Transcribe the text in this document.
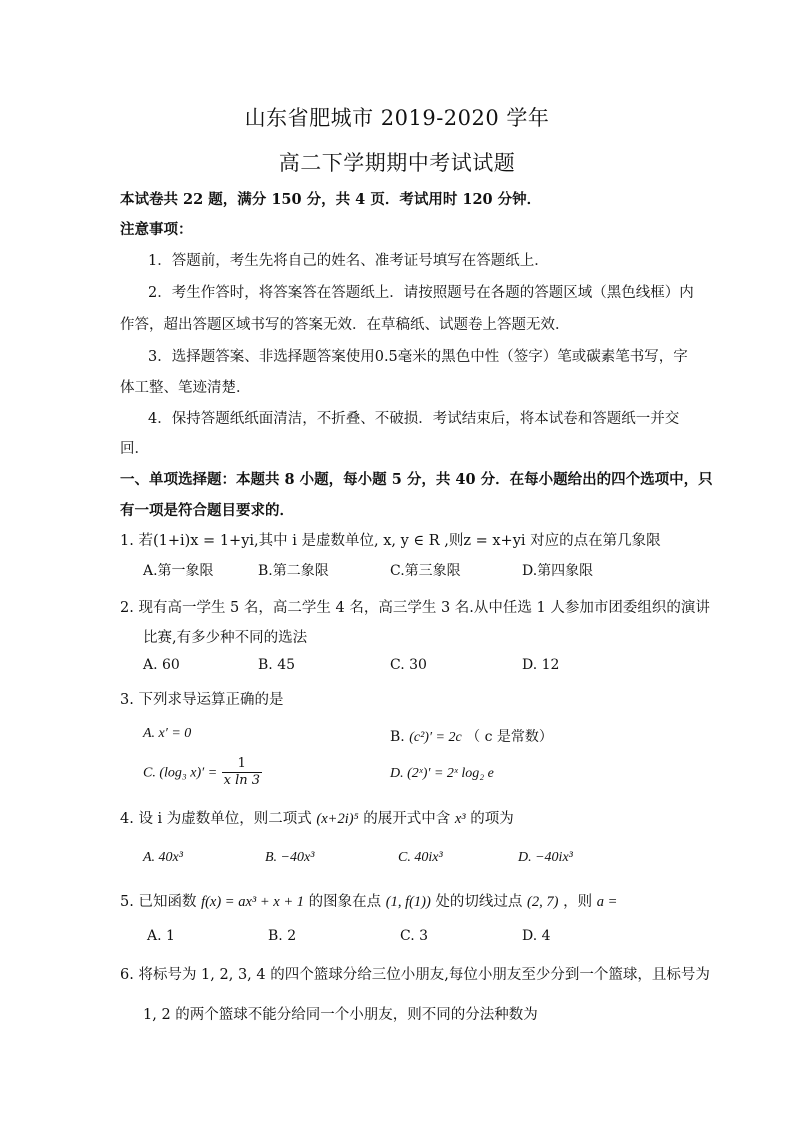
山东省肥城市 2019-2020 学年
高二下学期期中考试试题
本试卷共 22 题，满分 150 分，共 4 页．考试用时 120 分钟．
注意事项：
1．答题前，考生先将自己的姓名、准考证号填写在答题纸上．
2．考生作答时，将答案答在答题纸上．请按照题号在各题的答题区域（黑色线框）内
作答，超出答题区域书写的答案无效．在草稿纸、试题卷上答题无效．
3．选择题答案、非选择题答案使用0.5毫米的黑色中性（签字）笔或碳素笔书写，字
体工整、笔迹清楚．
4．保持答题纸纸面清洁，不折叠、不破损．考试结束后，将本试卷和答题纸一并交
回．
一、单项选择题：本题共 8 小题，每小题 5 分，共 40 分．在每小题给出的四个选项中，只
有一项是符合题目要求的．
1. 若(1+i)x = 1+yi,其中 i 是虚数单位, x, y ∈ R ,则z = x+yi 对应的点在第几象限
A.第一象限	B.第二象限	C.第三象限	D.第四象限
2. 现有高一学生 5 名，高二学生 4 名，高三学生 3 名.从中任选 1 人参加市团委组织的演讲
比赛,有多少种不同的选法
A. 60	B. 45	C. 30	D. 12
3. 下列求导运算正确的是
A. x′ = 0	B. (c²)′ = 2c （ c 是常数）
C. (log₃ $x)' = \frac{1}{\text{x ln 3}}$	D. (2ˣ)′ = 2ˣ log₂ e
4. 设 i 为虚数单位，则二项式 (x+2i)⁵ 的展开式中含 x³ 的项为
A. 40x³	B. −40x³	C. 40ix³	D. −40ix³
5. 已知函数 f(x) = ax³ + x + 1 的图象在点 (1, f(1)) 处的切线过点 (2, 7) ，则 a =
A. 1	B. 2	C. 3	D. 4
6. 将标号为 1, 2, 3, 4 的四个篮球分给三位小朋友,每位小朋友至少分到一个篮球，且标号为
1, 2 的两个篮球不能分给同一个小朋友，则不同的分法种数为
